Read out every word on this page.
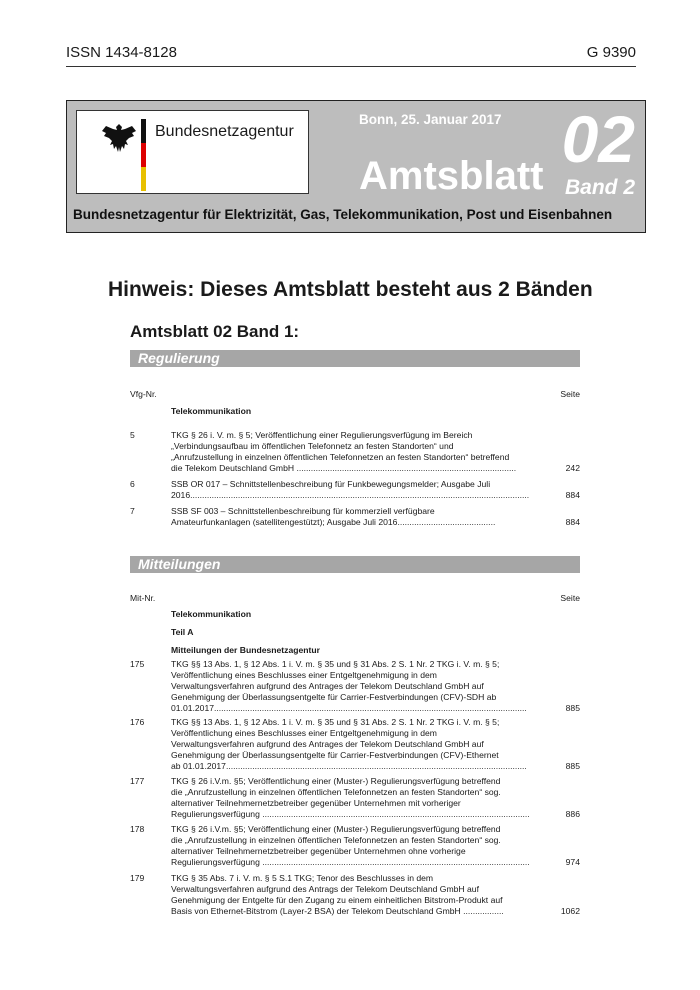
ISSN 1434-8128	G 9390
Bundesnetzagentur
Bonn, 25. Januar 2017
Amtsblatt 02
Band 2
Bundesnetzagentur für Elektrizität, Gas, Telekommunikation, Post und Eisenbahnen
Hinweis: Dieses Amtsblatt besteht aus 2 Bänden
Amtsblatt 02 Band 1:
Regulierung
Vfg-Nr.	Seite
Telekommunikation
5	TKG § 26 i. V. m. § 5; Veröffentlichung einer Regulierungsverfügung im Bereich
„Verbindungsaufbau im öffentlichen Telefonnetz an festen Standorten“ und
„Anrufzustellung in einzelnen öffentlichen Telefonnetzen an festen Standorten“ betreffend
die Telekom Deutschland GmbH ............................................................................................	242
6	SSB OR 017 – Schnittstellenbeschreibung für Funkbewegungsmelder; Ausgabe Juli
2016..............................................................................................................................................	884
7	SSB SF 003 – Schnittstellenbeschreibung für kommerziell verfügbare
Amateurfunkanlagen (satellitengestützt); Ausgabe Juli 2016.........................................	884
Mitteilungen
Mit-Nr.	Seite
Telekommunikation
Teil A
Mitteilungen der Bundesnetzagentur
175	TKG §§ 13 Abs. 1, § 12 Abs. 1 i. V. m. § 35 und § 31 Abs. 2 S. 1 Nr. 2 TKG i. V. m. § 5;
Veröffentlichung eines Beschlusses einer Entgeltgenehmigung in dem
Verwaltungsverfahren aufgrund des Antrages der Telekom Deutschland GmbH auf
Genehmigung der Überlassungsentgelte für Carrier-Festverbindungen (CFV)-SDH ab
01.01.2017...................................................................................................................................	885
176	TKG §§ 13 Abs. 1, § 12 Abs. 1 i. V. m. § 35 und § 31 Abs. 2 S. 1 Nr. 2 TKG i. V. m. § 5;
Veröffentlichung eines Beschlusses einer Entgeltgenehmigung in dem
Verwaltungsverfahren aufgrund des Antrages der Telekom Deutschland GmbH auf
Genehmigung der Überlassungsentgelte für Carrier-Festverbindungen (CFV)-Ethernet
ab 01.01.2017..............................................................................................................................	885
177	TKG § 26 i.V.m. §5; Veröffentlichung einer (Muster-) Regulierungsverfügung betreffend
die „Anrufzustellung in einzelnen öffentlichen Telefonnetzen an festen Standorten“ sog.
alternativer Teilnehmernetzbetreiber gegenüber Unternehmen mit vorheriger
Regulierungsverfügung ................................................................................................................	886
178	TKG § 26 i.V.m. §5; Veröffentlichung einer (Muster-) Regulierungsverfügung betreffend
die „Anrufzustellung in einzelnen öffentlichen Telefonnetzen an festen Standorten“ sog.
alternativer Teilnehmernetzbetreiber gegenüber Unternehmen ohne vorherige
Regulierungsverfügung ................................................................................................................	974
179	TKG § 35 Abs. 7 i. V. m. § 5 S.1 TKG; Tenor des Beschlusses in dem
Verwaltungsverfahren aufgrund des Antrags der Telekom Deutschland GmbH auf
Genehmigung der Entgelte für den Zugang zu einem einheitlichen Bitstrom-Produkt auf
Basis von Ethernet-Bitstrom (Layer-2 BSA) der Telekom Deutschland GmbH .................	1062
